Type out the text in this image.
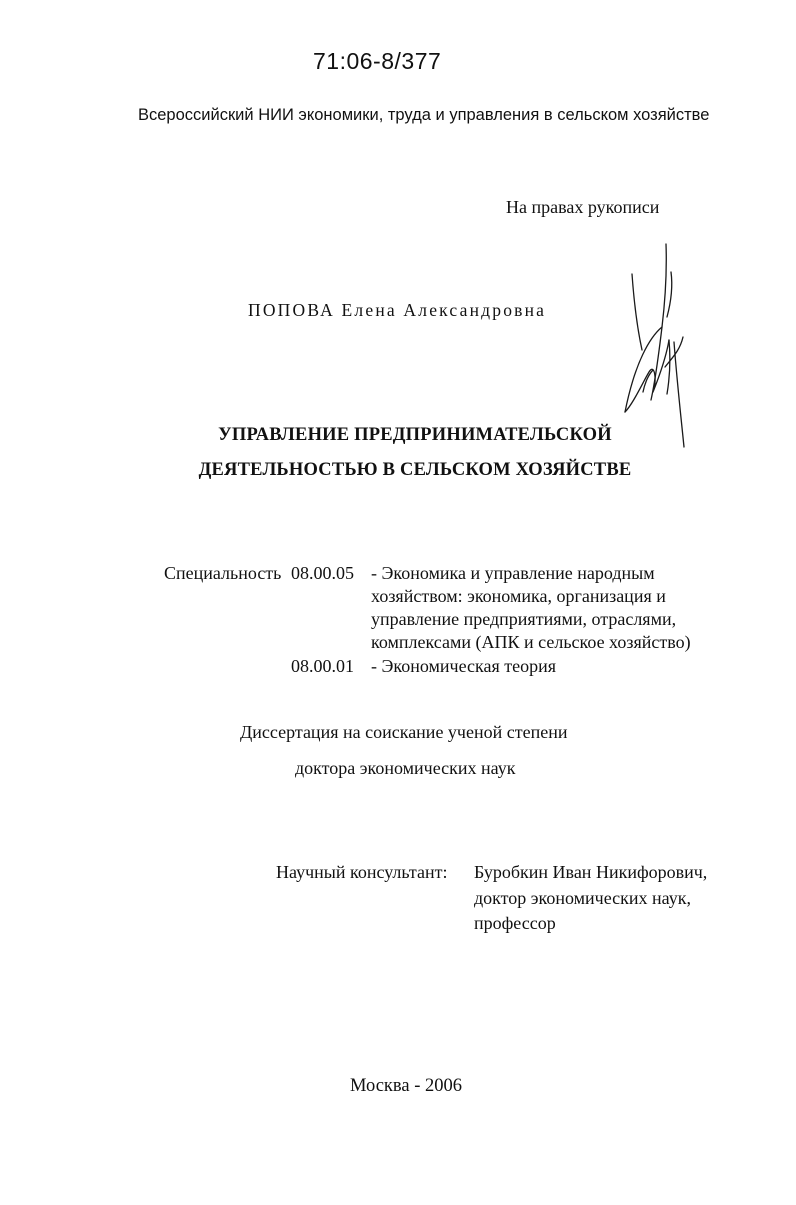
71:06-8/377
Всероссийский НИИ экономики, труда и управления в сельском хозяйстве
На правах рукописи
ПОПОВА Елена Александровна
УПРАВЛЕНИЕ ПРЕДПРИНИМАТЕЛЬСКОЙ
ДЕЯТЕЛЬНОСТЬЮ В СЕЛЬСКОМ ХОЗЯЙСТВЕ
Специальность 08.00.05 - Экономика и управление народным
хозяйством: экономика, организация и
управление предприятиями, отраслями,
комплексами (АПК и сельское хозяйство)
08.00.01 - Экономическая теория
Диссертация на соискание ученой степени
доктора экономических наук
Научный консультант: Буробкин Иван Никифорович,
доктор экономических наук,
профессор
Москва - 2006
